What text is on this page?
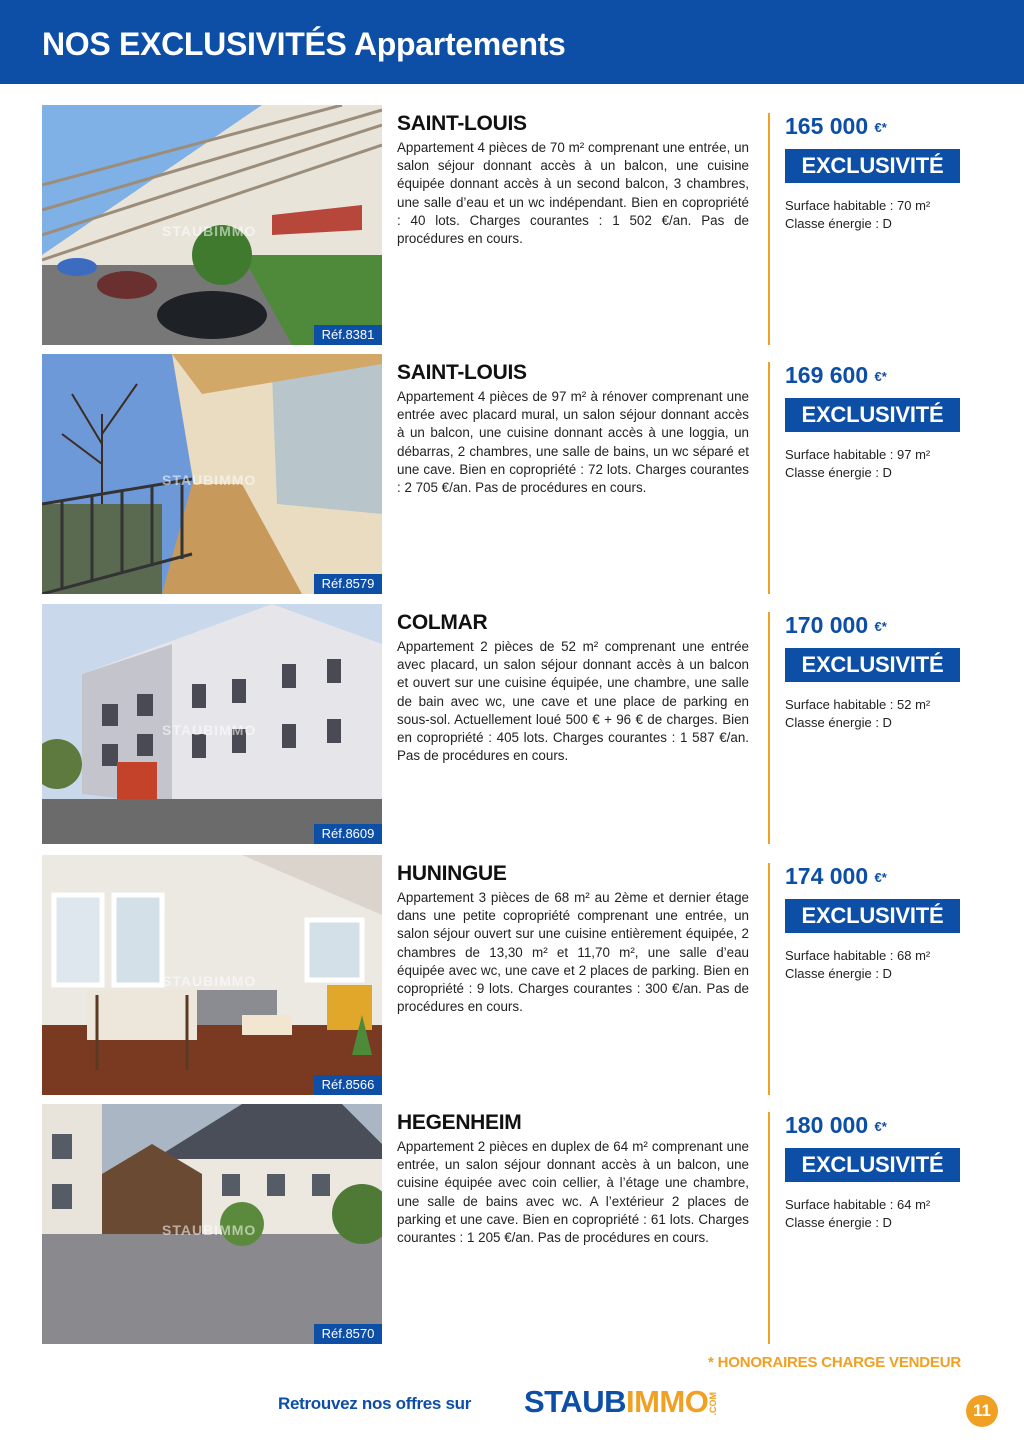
NOS EXCLUSIVITÉS Appartements
STAUBIMMO
Réf.8381
SAINT-LOUIS
Appartement 4 pièces de 70 m² comprenant une entrée, un salon séjour donnant accès à un balcon, une cuisine équipée donnant accès à un second balcon, 3 chambres, une salle d’eau et un wc indépendant. Bien en copropriété : 40 lots. Charges courantes : 1 502 €/an. Pas de procédures en cours.
165 000 €*
EXCLUSIVITÉ
Surface habitable : 70 m²
Classe énergie : D
STAUBIMMO
Réf.8579
SAINT-LOUIS
Appartement 4 pièces de 97 m² à rénover comprenant une entrée avec placard mural, un salon séjour donnant accès à un balcon, une cuisine donnant accès à une loggia, un débarras, 2 chambres, une salle de bains, un wc séparé et une cave. Bien en copropriété : 72 lots. Charges courantes : 2 705 €/an. Pas de procédures en cours.
169 600 €*
EXCLUSIVITÉ
Surface habitable : 97 m²
Classe énergie : D
STAUBIMMO
Réf.8609
COLMAR
Appartement 2 pièces de 52 m² comprenant une entrée avec placard, un salon séjour donnant accès à un balcon et ouvert sur une cuisine équipée, une chambre, une salle de bain avec wc, une cave et une place de parking en sous-sol. Actuellement loué 500 € + 96 € de charges. Bien en copropriété : 405 lots. Charges courantes : 1 587 €/an. Pas de procédures en cours.
170 000 €*
EXCLUSIVITÉ
Surface habitable : 52 m²
Classe énergie : D
STAUBIMMO
Réf.8566
HUNINGUE
Appartement 3 pièces de 68 m² au 2ème et dernier étage dans une petite copropriété comprenant une entrée, un salon séjour ouvert sur une cuisine entièrement équipée, 2 chambres de 13,30 m² et 11,70 m², une salle d’eau équipée avec wc, une cave et 2 places de parking. Bien en copropriété : 9 lots. Charges courantes : 300 €/an. Pas de procédures en cours.
174 000 €*
EXCLUSIVITÉ
Surface habitable : 68 m²
Classe énergie : D
STAUBIMMO
Réf.8570
HEGENHEIM
Appartement 2 pièces en duplex de 64 m² comprenant une entrée, un salon séjour donnant accès à un balcon, une cuisine équipée avec coin cellier, à l’étage une chambre, une salle de bains avec wc. A l’extérieur 2 places de parking et une cave. Bien en copropriété : 61 lots. Charges courantes : 1 205 €/an. Pas de procédures en cours.
180 000 €*
EXCLUSIVITÉ
Surface habitable : 64 m²
Classe énergie : D
* HONORAIRES CHARGE VENDEUR
Retrouvez nos offres sur STAUBIMMO.COM	11
